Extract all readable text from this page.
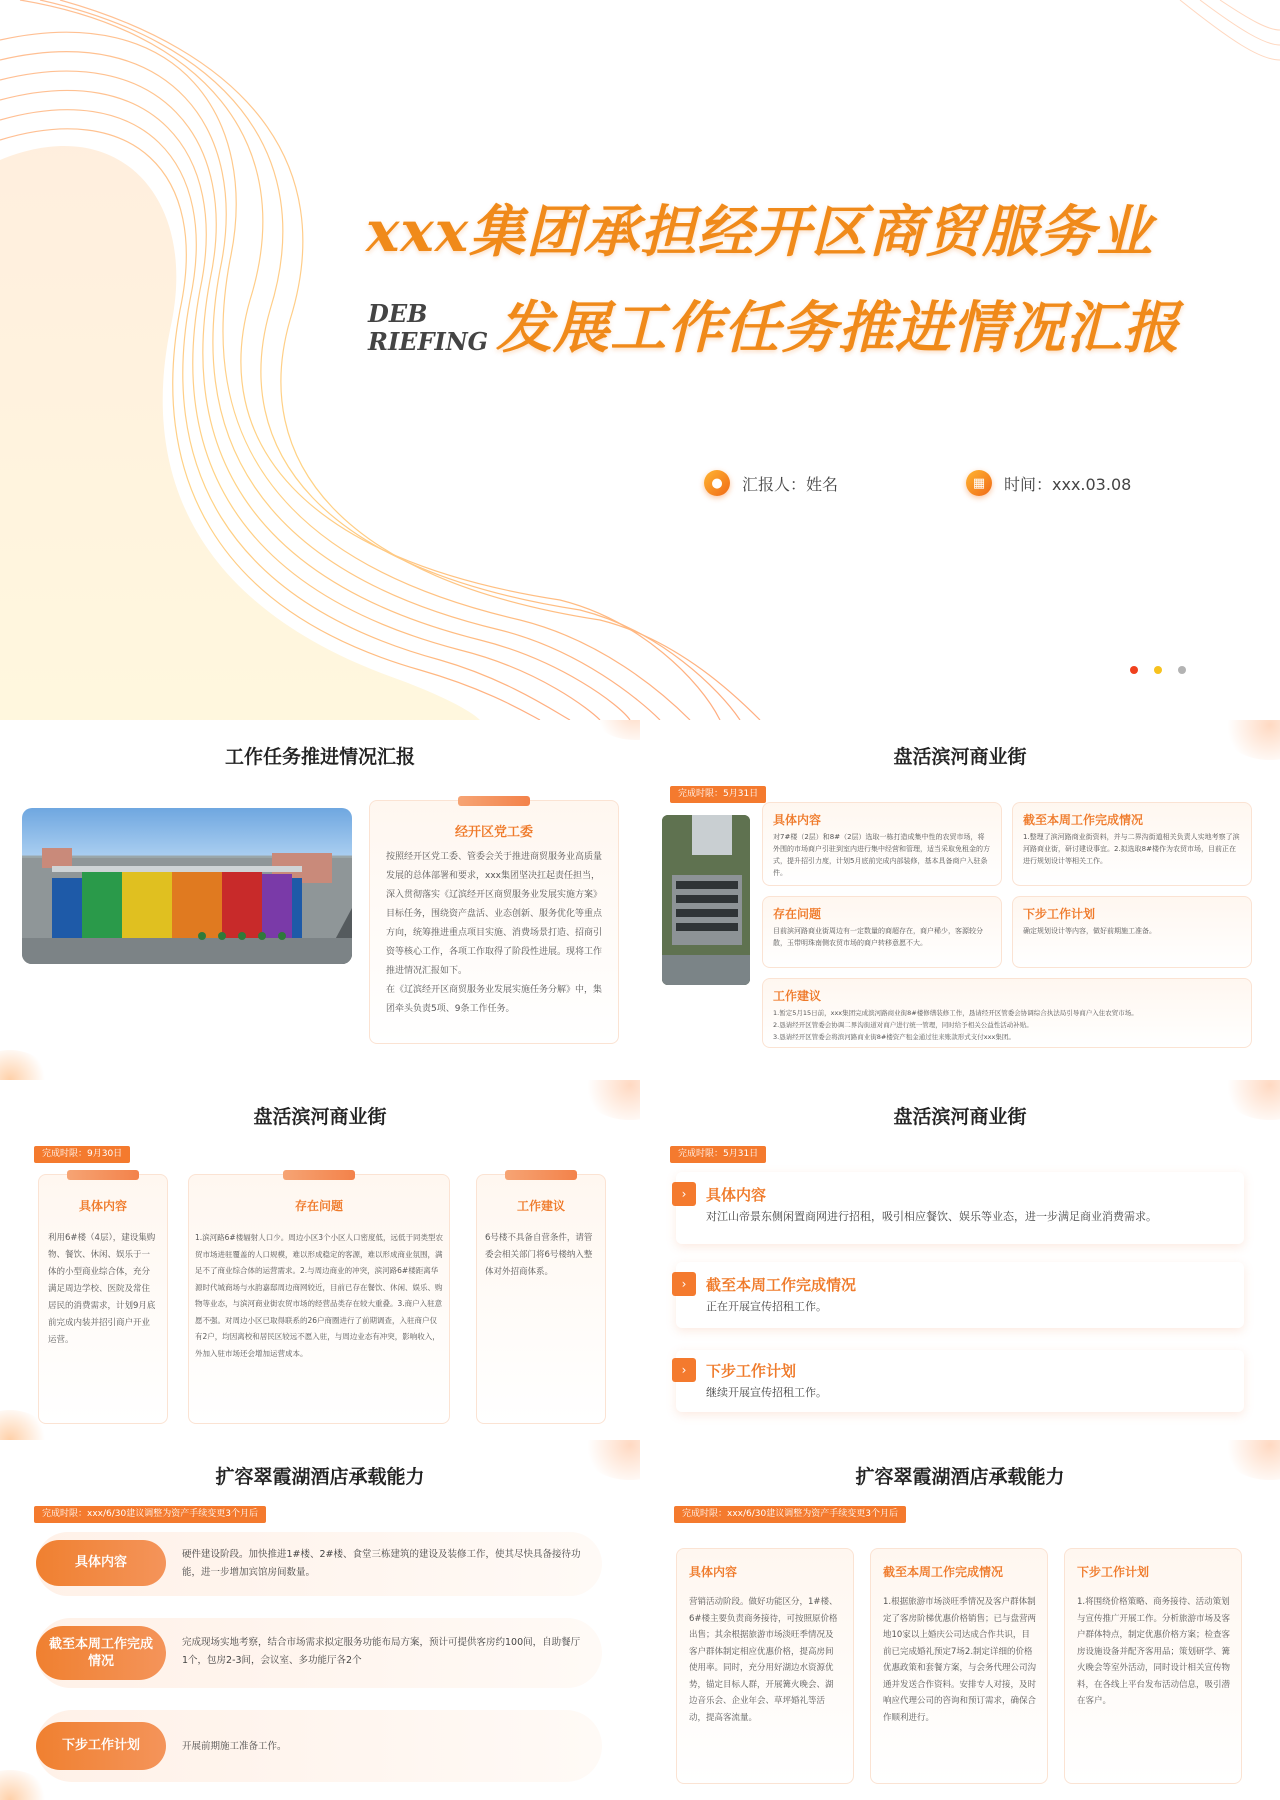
xxx集团承担经开区商贸服务业
DEB
RIEFING 发展工作任务推进情况汇报
●	汇报人：姓名	▦	时间：xxx.03.08
工作任务推进情况汇报
经开区党工委
按照经开区党工委、管委会关于推进商贸服务业高质量发展的总体部署和要求，xxx集团坚决扛起责任担当，深入贯彻落实《辽滨经开区商贸服务业发展实施方案》目标任务，围绕资产盘活、业态创新、服务优化等重点方向，统筹推进重点项目实施、消费场景打造、招商引资等核心工作，各项工作取得了阶段性进展。现将工作推进情况汇报如下。
在《辽滨经开区商贸服务业发展实施任务分解》中，集团牵头负责5项、9条工作任务。
盘活滨河商业街
完成时限：5月31日
具体内容
对7#楼（2层）和8#（2层）选取一栋打造成集中性的农贸市场，将外围的市场商户引驻到室内进行集中经营和管理，适当采取免租金的方式，提升招引力度，计划5月底前完成内部装修，基本具备商户入驻条件。
截至本周工作完成情况
1.整理了滨河路商业街资料，并与二界沟街道相关负责人实地考察了滨河路商业街，研讨建设事宜。2.拟选取8#楼作为农贸市场，目前正在进行规划设计等相关工作。
存在问题
目前滨河路商业街周边有一定数量的商超存在，商户稀少，客源较分散，玉带明珠南侧农贸市场的商户转移意愿不大。
下步工作计划
确定规划设计等内容，做好前期施工准备。
工作建议
1.暂定5月15日前，xxx集团完成滨河路商业街8#楼修缮装修工作，恳请经开区管委会协调综合执法局引导商户入住农贸市场。
2.恳请经开区管委会协调二界沟街道对商户进行统一管理，同时给予相关公益性活动补贴。
3.恳请经开区管委会将滨河路商业街8#楼资产租金通过往来账款形式支付xxx集团。
盘活滨河商业街
完成时限：9月30日
具体内容
利用6#楼（4层），建设集购物、餐饮、休闲、娱乐于一体的小型商业综合体，充分满足周边学校、医院及常住居民的消费需求，计划9月底前完成内装并招引商户开业运营。
存在问题
1.滨河路6#楼辐射人口少。周边小区3个小区人口密度低，远低于同类型农贸市场进驻覆盖的人口规模，难以形成稳定的客源，难以形成商业氛围，满足不了商业综合体的运营需求。2.与周边商业的冲突，滨河路6#楼距离华源时代城商场与水韵嘉邸周边商网较近，目前已存在餐饮、休闲、娱乐、购物等业态，与滨河商业街农贸市场的经营品类存在较大重叠。3.商户入驻意愿不强。对周边小区已取得联系的26户商圈进行了前期调查，入驻商户仅有2户，均因离校和居民区较远不愿入驻，与周边业态有冲突，影响收入，外加入驻市场还会增加运营成本。
工作建议
6号楼不具备自营条件，请管委会相关部门将6号楼纳入整体对外招商体系。
盘活滨河商业街
完成时限：5月31日
›	具体内容
对江山帝景东侧闲置商网进行招租，吸引相应餐饮、娱乐等业态，进一步满足商业消费需求。
›	截至本周工作完成情况
正在开展宣传招租工作。
›	下步工作计划
继续开展宣传招租工作。
扩容翠霞湖酒店承载能力
完成时限：xxx/6/30建议调整为资产手续变更3个月后
具体内容
硬件建设阶段。加快推进1#楼、2#楼、食堂三栋建筑的建设及装修工作，使其尽快具备接待功能，进一步增加宾馆房间数量。
截至本周工作完成
情况
完成现场实地考察，结合市场需求拟定服务功能布局方案，预计可提供客房约100间，自助餐厅1个，包房2-3间，会议室、多功能厅各2个
下步工作计划	开展前期施工准备工作。
扩容翠霞湖酒店承载能力
完成时限：xxx/6/30建议调整为资产手续变更3个月后
具体内容
营销活动阶段。做好功能区分，1#楼、6#楼主要负责商务接待，可按照原价格出售；其余根据旅游市场淡旺季情况及客户群体制定相应优惠价格，提高房间使用率。同时，充分用好湖边水资源优势，锚定目标人群，开展篝火晚会、湖边音乐会、企业年会、草坪婚礼等活动，提高客流量。
截至本周工作完成情况
1.根据旅游市场淡旺季情况及客户群体制定了客房阶梯优惠价格销售；已与盘营两地10家以上婚庆公司达成合作共识，目前已完成婚礼预定7场2.制定详细的价格优惠政策和套餐方案，与会务代理公司沟通并发送合作资料。安排专人对接，及时响应代理公司的咨询和预订需求，确保合作顺利进行。
下步工作计划
1.将围绕价格策略、商务接待、活动策划与宣传推广开展工作。分析旅游市场及客户群体特点，制定优惠价格方案；检查客房设施设备并配齐客用品；策划研学、篝火晚会等室外活动，同时设计相关宣传物料，在各线上平台发布活动信息，吸引潜在客户。
